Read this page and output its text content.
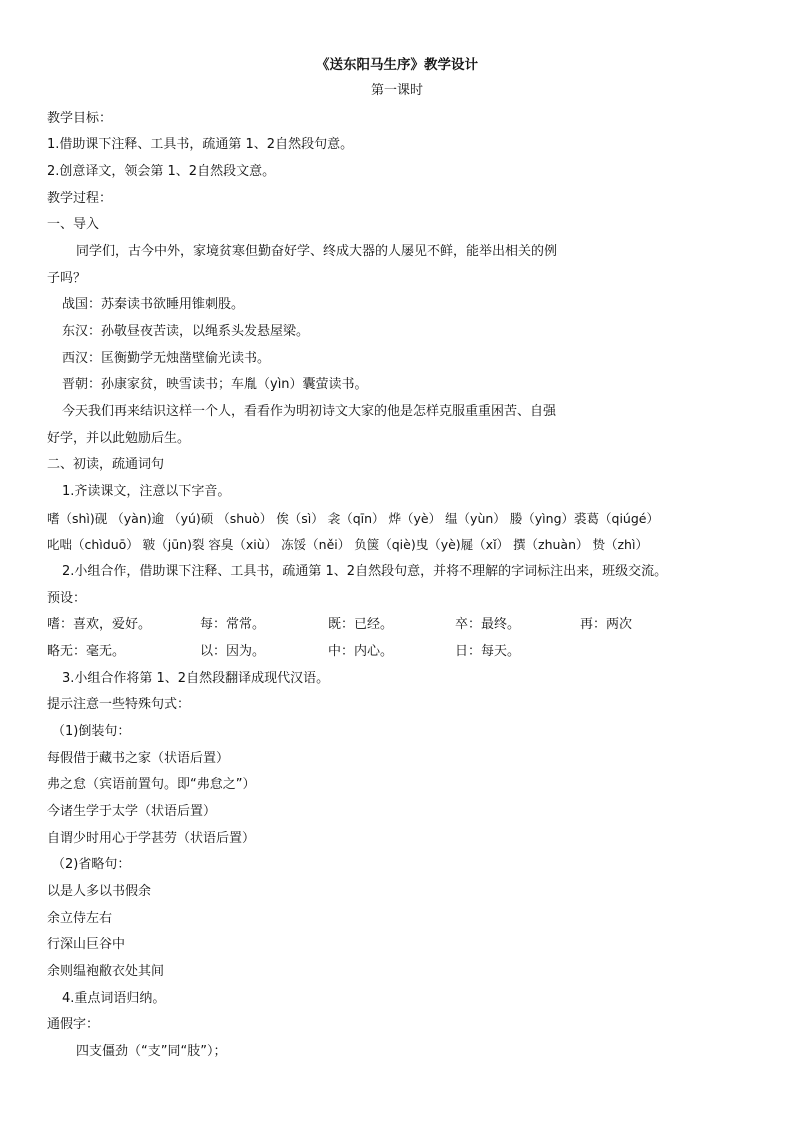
《送东阳马生序》教学设计
第一课时
教学目标：
1.借助课下注释、工具书，疏通第 1、2自然段句意。
2.创意译文，领会第 1、2自然段文意。
教学过程：
一、导入
同学们，古今中外，家境贫寒但勤奋好学、终成大器的人屡见不鲜，能举出相关的例
子吗？
战国：苏秦读书欲睡用锥刺股。
东汉：孙敬昼夜苦读，以绳系头发悬屋梁。
西汉：匡衡勤学无烛凿壁偷光读书。
晋朝：孙康家贫，映雪读书；车胤（yìn）囊萤读书。
今天我们再来结识这样一个人，看看作为明初诗文大家的他是怎样克服重重困苦、自强
好学，并以此勉励后生。
二、初读，疏通词句
1.齐读课文，注意以下字音。
嗜（shì)砚 （yàn)逾 （yú)硕 （shuò） 俟（sì） 衾（qīn） 烨（yè） 缊（yùn） 媵（yìng）裘葛（qiúgé）
叱咄（chìduō） 皲（jūn)裂 容臭（xiù） 冻馁（něi） 负箧（qiè)曳（yè)屣（xǐ） 撰（zhuàn） 贽（zhì）
2.小组合作，借助课下注释、工具书，疏通第 1、2自然段句意，并将不理解的字词标注出来，班级交流。
预设：
嗜：喜欢，爱好。	每：常常。	既：已经。	卒：最终。	再：两次
略无：毫无。	以：因为。	中：内心。	日：每天。
3.小组合作将第 1、2自然段翻译成现代汉语。
提示注意一些特殊句式：
（1)倒装句：
每假借于藏书之家（状语后置）
弗之怠（宾语前置句。即“弗怠之”）
今诸生学于太学（状语后置）
自谓少时用心于学甚劳（状语后置）
（2)省略句：
以是人多以书假余
余立侍左右
行深山巨谷中
余则缊袍敝衣处其间
4.重点词语归纳。
通假字：
四支僵劲（“支”同“肢”）；
